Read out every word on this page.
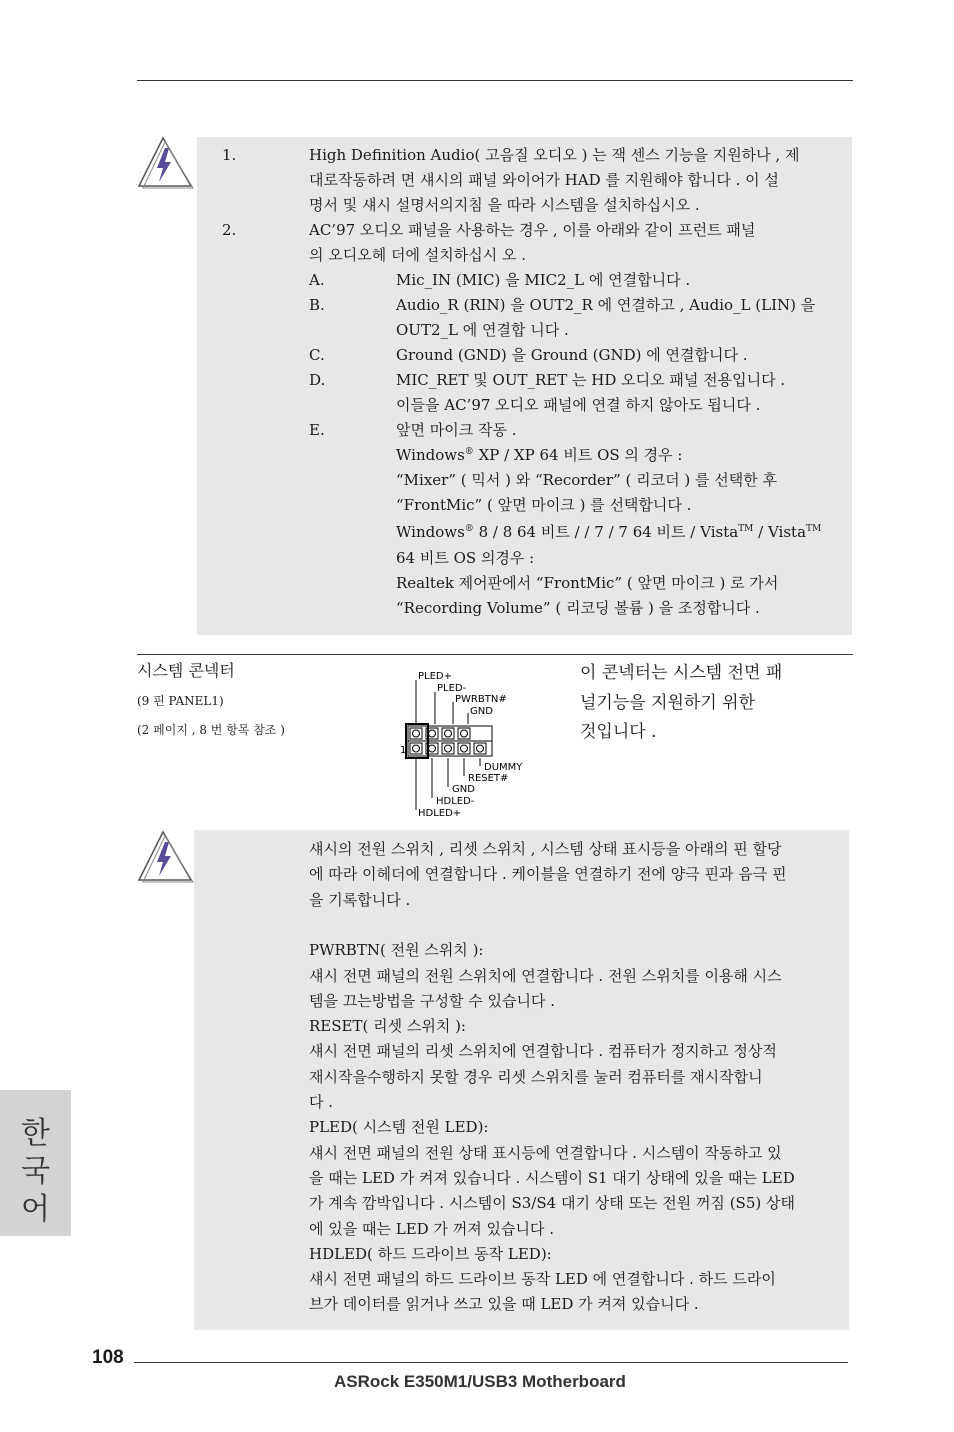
1.	High Definition Audio( 고음질 오디오 ) 는 잭 센스 기능을 지원하나 , 제
대로작동하려 면 섀시의 패널 와이어가 HAD 를 지원해야 합니다 . 이 설
명서 및 섀시 설명서의지침 을 따라 시스템을 설치하십시오 .
2.	AC’97 오디오 패널을 사용하는 경우 , 이를 아래와 같이 프런트 패널
의 오디오헤 더에 설치하십시 오 .
A.	Mic_IN (MIC) 을 MIC2_L 에 연결합니다 .
B.	Audio_R (RIN) 을 OUT2_R 에 연결하고 , Audio_L (LIN) 을
OUT2_L 에 연결합 니다 .
C.	Ground (GND) 을 Ground (GND) 에 연결합니다 .
D.	MIC_RET 및 OUT_RET 는 HD 오디오 패널 전용입니다 .
이들을 AC’97 오디오 패널에 연결 하지 않아도 됩니다 .
E.	앞면 마이크 작동 .
Windows® XP / XP 64 비트 OS 의 경우 :
“Mixer” ( 믹서 ) 와 “Recorder” ( 리코더 ) 를 선택한 후
“FrontMic” ( 앞면 마이크 ) 를 선택합니다 .
Windows® 8 / 8 64 비트 / / 7 / 7 64 비트 / Vista™ / Vista™
64 비트 OS 의경우 :
Realtek 제어판에서 “FrontMic” ( 앞면 마이크 ) 로 가서
“Recording Volume” ( 리코딩 볼륨 ) 을 조정합니다 .
시스템 콘넥터
(9 핀 PANEL1)
(2 페이지 , 8 번 항목 참조 )
이 콘넥터는 시스템 전면 패
널기능을 지원하기 위한
것입니다 .
1
PLED+
PLED-
PWRBTN#
GND
DUMMY
RESET#
GND
HDLED-
HDLED+
섀시의 전원 스위치 , 리셋 스위치 , 시스템 상태 표시등을 아래의 핀 할당
에 따라 이헤더에 연결합니다 . 케이블을 연결하기 전에 양극 핀과 음극 핀
을 기록합니다 .
PWRBTN( 전원 스위치 ):
섀시 전면 패널의 전원 스위치에 연결합니다 . 전원 스위치를 이용해 시스
템을 끄는방법을 구성할 수 있습니다 .
RESET( 리셋 스위치 ):
섀시 전면 패널의 리셋 스위치에 연결합니다 . 컴퓨터가 정지하고 정상적
재시작을수행하지 못할 경우 리셋 스위치를 눌러 컴퓨터를 재시작합니
다 .
PLED( 시스템 전원 LED):
섀시 전면 패널의 전원 상태 표시등에 연결합니다 . 시스템이 작동하고 있
을 때는 LED 가 켜져 있습니다 . 시스템이 S1 대기 상태에 있을 때는 LED
가 계속 깜박입니다 . 시스템이 S3/S4 대기 상태 또는 전원 꺼짐 (S5) 상태
에 있을 때는 LED 가 꺼져 있습니다 .
HDLED( 하드 드라이브 동작 LED):
섀시 전면 패널의 하드 드라이브 동작 LED 에 연결합니다 . 하드 드라이
브가 데이터를 읽거나 쓰고 있을 때 LED 가 켜져 있습니다 .
한
국
어
108
ASRock E350M1/USB3 Motherboard
